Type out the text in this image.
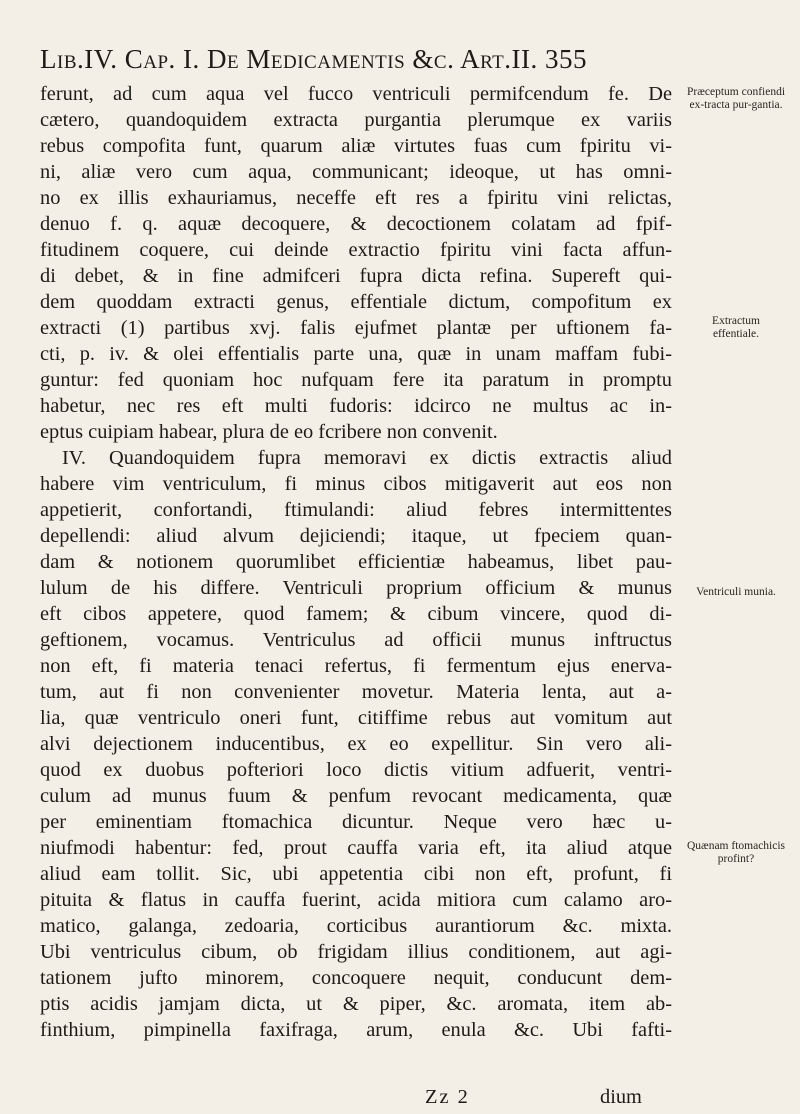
Lib.IV. Cap. I. De Medicamentis &c. Art.II. 355
ferunt, ad cum aqua vel fucco ventriculi permifcendum fe. De
cætero, quandoquidem extracta purgantia plerumque ex variis
rebus compofita funt, quarum aliæ virtutes fuas cum fpiritu vi-
ni, aliæ vero cum aqua, communicant; ideoque, ut has omni-
no ex illis exhauriamus, neceffe eft res a fpiritu vini relictas,
denuo f. q. aquæ decoquere, & decoctionem colatam ad fpif-
fitudinem coquere, cui deinde extractio fpiritu vini facta affun-
di debet, & in fine admifceri fupra dicta refina. Supereft qui-
dem quoddam extracti genus, effentiale dictum, compofitum ex
extracti (1) partibus xvj. falis ejufmet plantæ per uftionem fa-
cti, p. iv. & olei effentialis parte una, quæ in unam maffam fubi-
guntur: fed quoniam hoc nufquam fere ita paratum in promptu
habetur, nec res eft multi fudoris: idcirco ne multus ac in-
eptus cuipiam habear, plura de eo fcribere non convenit.
IV. Quandoquidem fupra memoravi ex dictis extractis aliud
habere vim ventriculum, fi minus cibos mitigaverit aut eos non
appetierit, confortandi, ftimulandi: aliud febres intermittentes
depellendi: aliud alvum dejiciendi; itaque, ut fpeciem quan-
dam & notionem quorumlibet efficientiæ habeamus, libet pau-
lulum de his differe. Ventriculi proprium officium & munus
eft cibos appetere, quod famem; & cibum vincere, quod di-
geftionem, vocamus. Ventriculus ad officii munus inftructus
non eft, fi materia tenaci refertus, fi fermentum ejus enerva-
tum, aut fi non convenienter movetur. Materia lenta, aut a-
lia, quæ ventriculo oneri funt, citiffime rebus aut vomitum aut
alvi dejectionem inducentibus, ex eo expellitur. Sin vero ali-
quod ex duobus pofteriori loco dictis vitium adfuerit, ventri-
culum ad munus fuum & penfum revocant medicamenta, quæ
per eminentiam ftomachica dicuntur. Neque vero hæc u-
niufmodi habentur: fed, prout cauffa varia eft, ita aliud atque
aliud eam tollit. Sic, ubi appetentia cibi non eft, profunt, fi
pituita & flatus in cauffa fuerint, acida mitiora cum calamo aro-
matico, galanga, zedoaria, corticibus aurantiorum &c. mixta.
Ubi ventriculus cibum, ob frigidam illius conditionem, aut agi-
tationem jufto minorem, concoquere nequit, conducunt dem-
ptis acidis jamjam dicta, ut & piper, &c. aromata, item ab-
finthium, pimpinella faxifraga, arum, enula &c. Ubi fafti-
Zz 2	dium
Præceptum confiendi ex-tracta pur-gantia.
Extractum
effentiale.
Ventriculi munia.
Quænam ftomachicis profint?
